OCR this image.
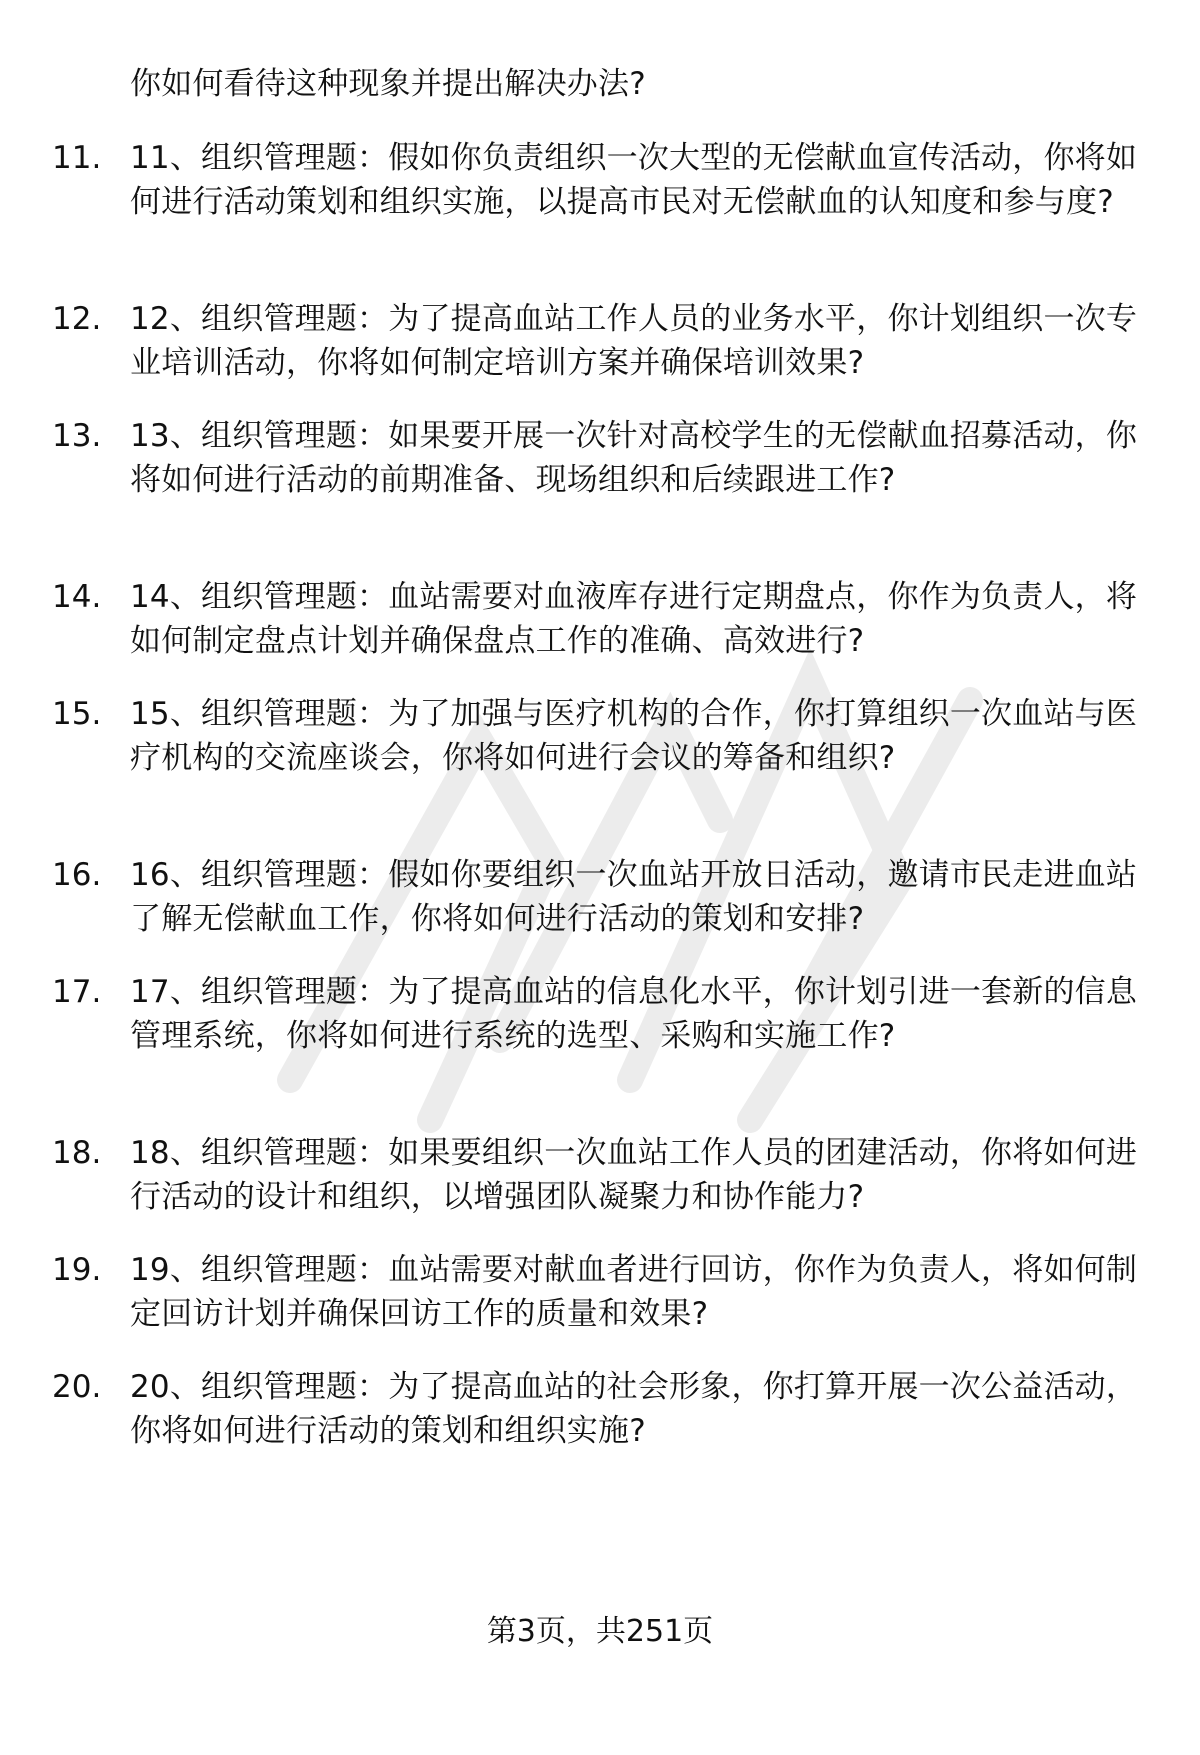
你如何看待这种现象并提出解决办法?
11. 11、组织管理题：假如你负责组织一次大型的无偿献血宣传活动，你将如何进行活动策划和组织实施，以提高市民对无偿献血的认知度和参与度?
12. 12、组织管理题：为了提高血站工作人员的业务水平，你计划组织一次专业培训活动，你将如何制定培训方案并确保培训效果?
13. 13、组织管理题：如果要开展一次针对高校学生的无偿献血招募活动，你将如何进行活动的前期准备、现场组织和后续跟进工作?
14. 14、组织管理题：血站需要对血液库存进行定期盘点，你作为负责人，将如何制定盘点计划并确保盘点工作的准确、高效进行?
15. 15、组织管理题：为了加强与医疗机构的合作，你打算组织一次血站与医疗机构的交流座谈会，你将如何进行会议的筹备和组织?
16. 16、组织管理题：假如你要组织一次血站开放日活动，邀请市民走进血站了解无偿献血工作，你将如何进行活动的策划和安排?
17. 17、组织管理题：为了提高血站的信息化水平，你计划引进一套新的信息管理系统，你将如何进行系统的选型、采购和实施工作?
18. 18、组织管理题：如果要组织一次血站工作人员的团建活动，你将如何进行活动的设计和组织，以增强团队凝聚力和协作能力?
19. 19、组织管理题：血站需要对献血者进行回访，你作为负责人，将如何制定回访计划并确保回访工作的质量和效果?
20. 20、组织管理题：为了提高血站的社会形象，你打算开展一次公益活动，你将如何进行活动的策划和组织实施?
第3页，共251页
